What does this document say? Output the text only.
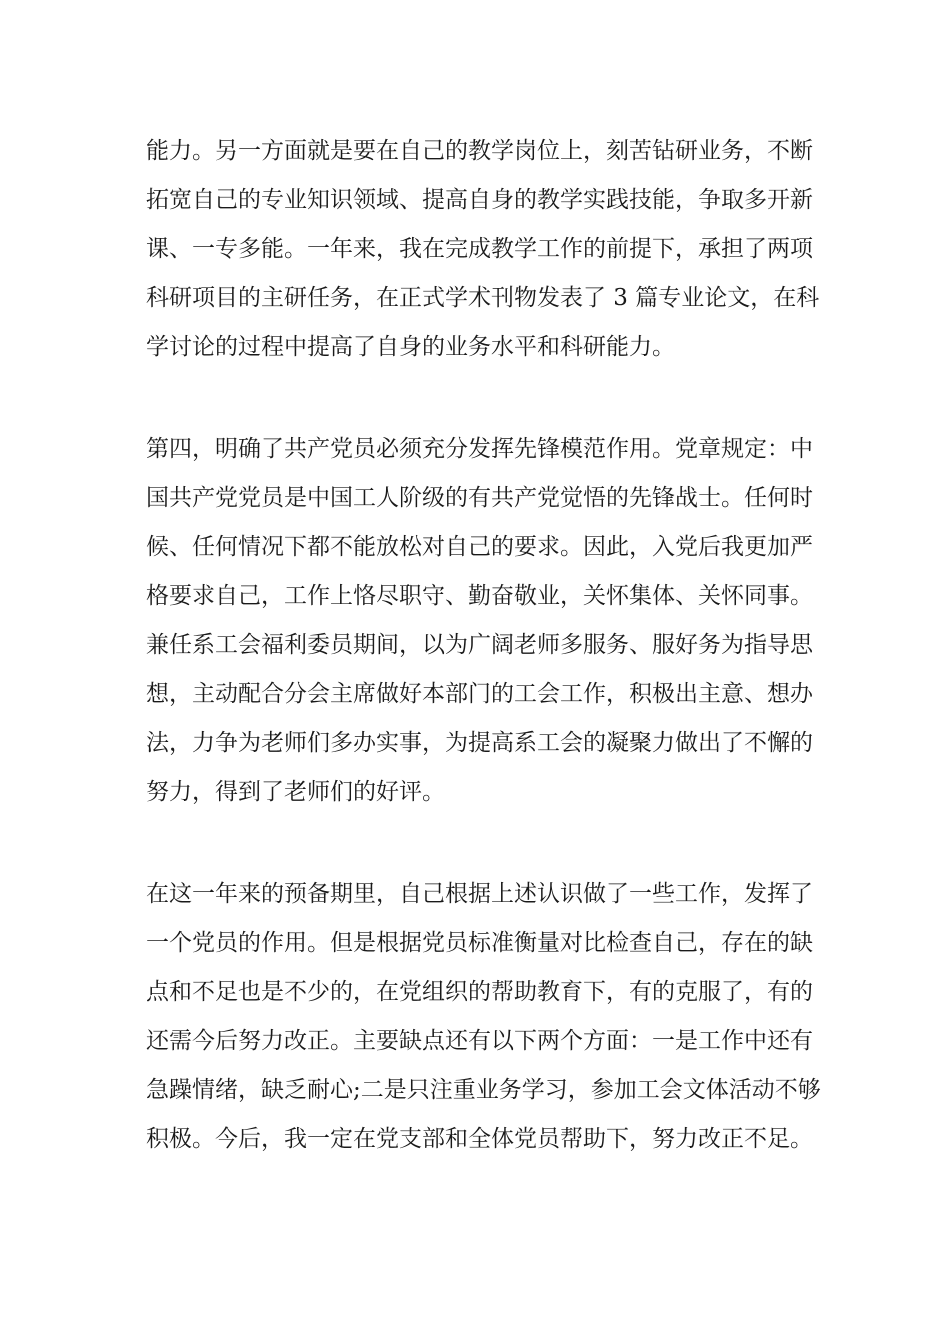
能力。另一方面就是要在自己的教学岗位上，刻苦钻研业务，不断
拓宽自己的专业知识领域、提高自身的教学实践技能，争取多开新
课、一专多能。一年来，我在完成教学工作的前提下，承担了两项
科研项目的主研任务，在正式学术刊物发表了 3 篇专业论文，在科
学讨论的过程中提高了自身的业务水平和科研能力。

第四，明确了共产党员必须充分发挥先锋模范作用。党章规定：中
国共产党党员是中国工人阶级的有共产党觉悟的先锋战士。任何时
候、任何情况下都不能放松对自己的要求。因此，入党后我更加严
格要求自己，工作上恪尽职守、勤奋敬业，关怀集体、关怀同事。
兼任系工会福利委员期间，以为广阔老师多服务、服好务为指导思
想，主动配合分会主席做好本部门的工会工作，积极出主意、想办
法，力争为老师们多办实事，为提高系工会的凝聚力做出了不懈的
努力，得到了老师们的好评。

在这一年来的预备期里，自己根据上述认识做了一些工作，发挥了
一个党员的作用。但是根据党员标准衡量对比检查自己，存在的缺
点和不足也是不少的，在党组织的帮助教育下，有的克服了，有的
还需今后努力改正。主要缺点还有以下两个方面：一是工作中还有
急躁情绪，缺乏耐心;二是只注重业务学习，参加工会文体活动不够
积极。今后，我一定在党支部和全体党员帮助下，努力改正不足。
